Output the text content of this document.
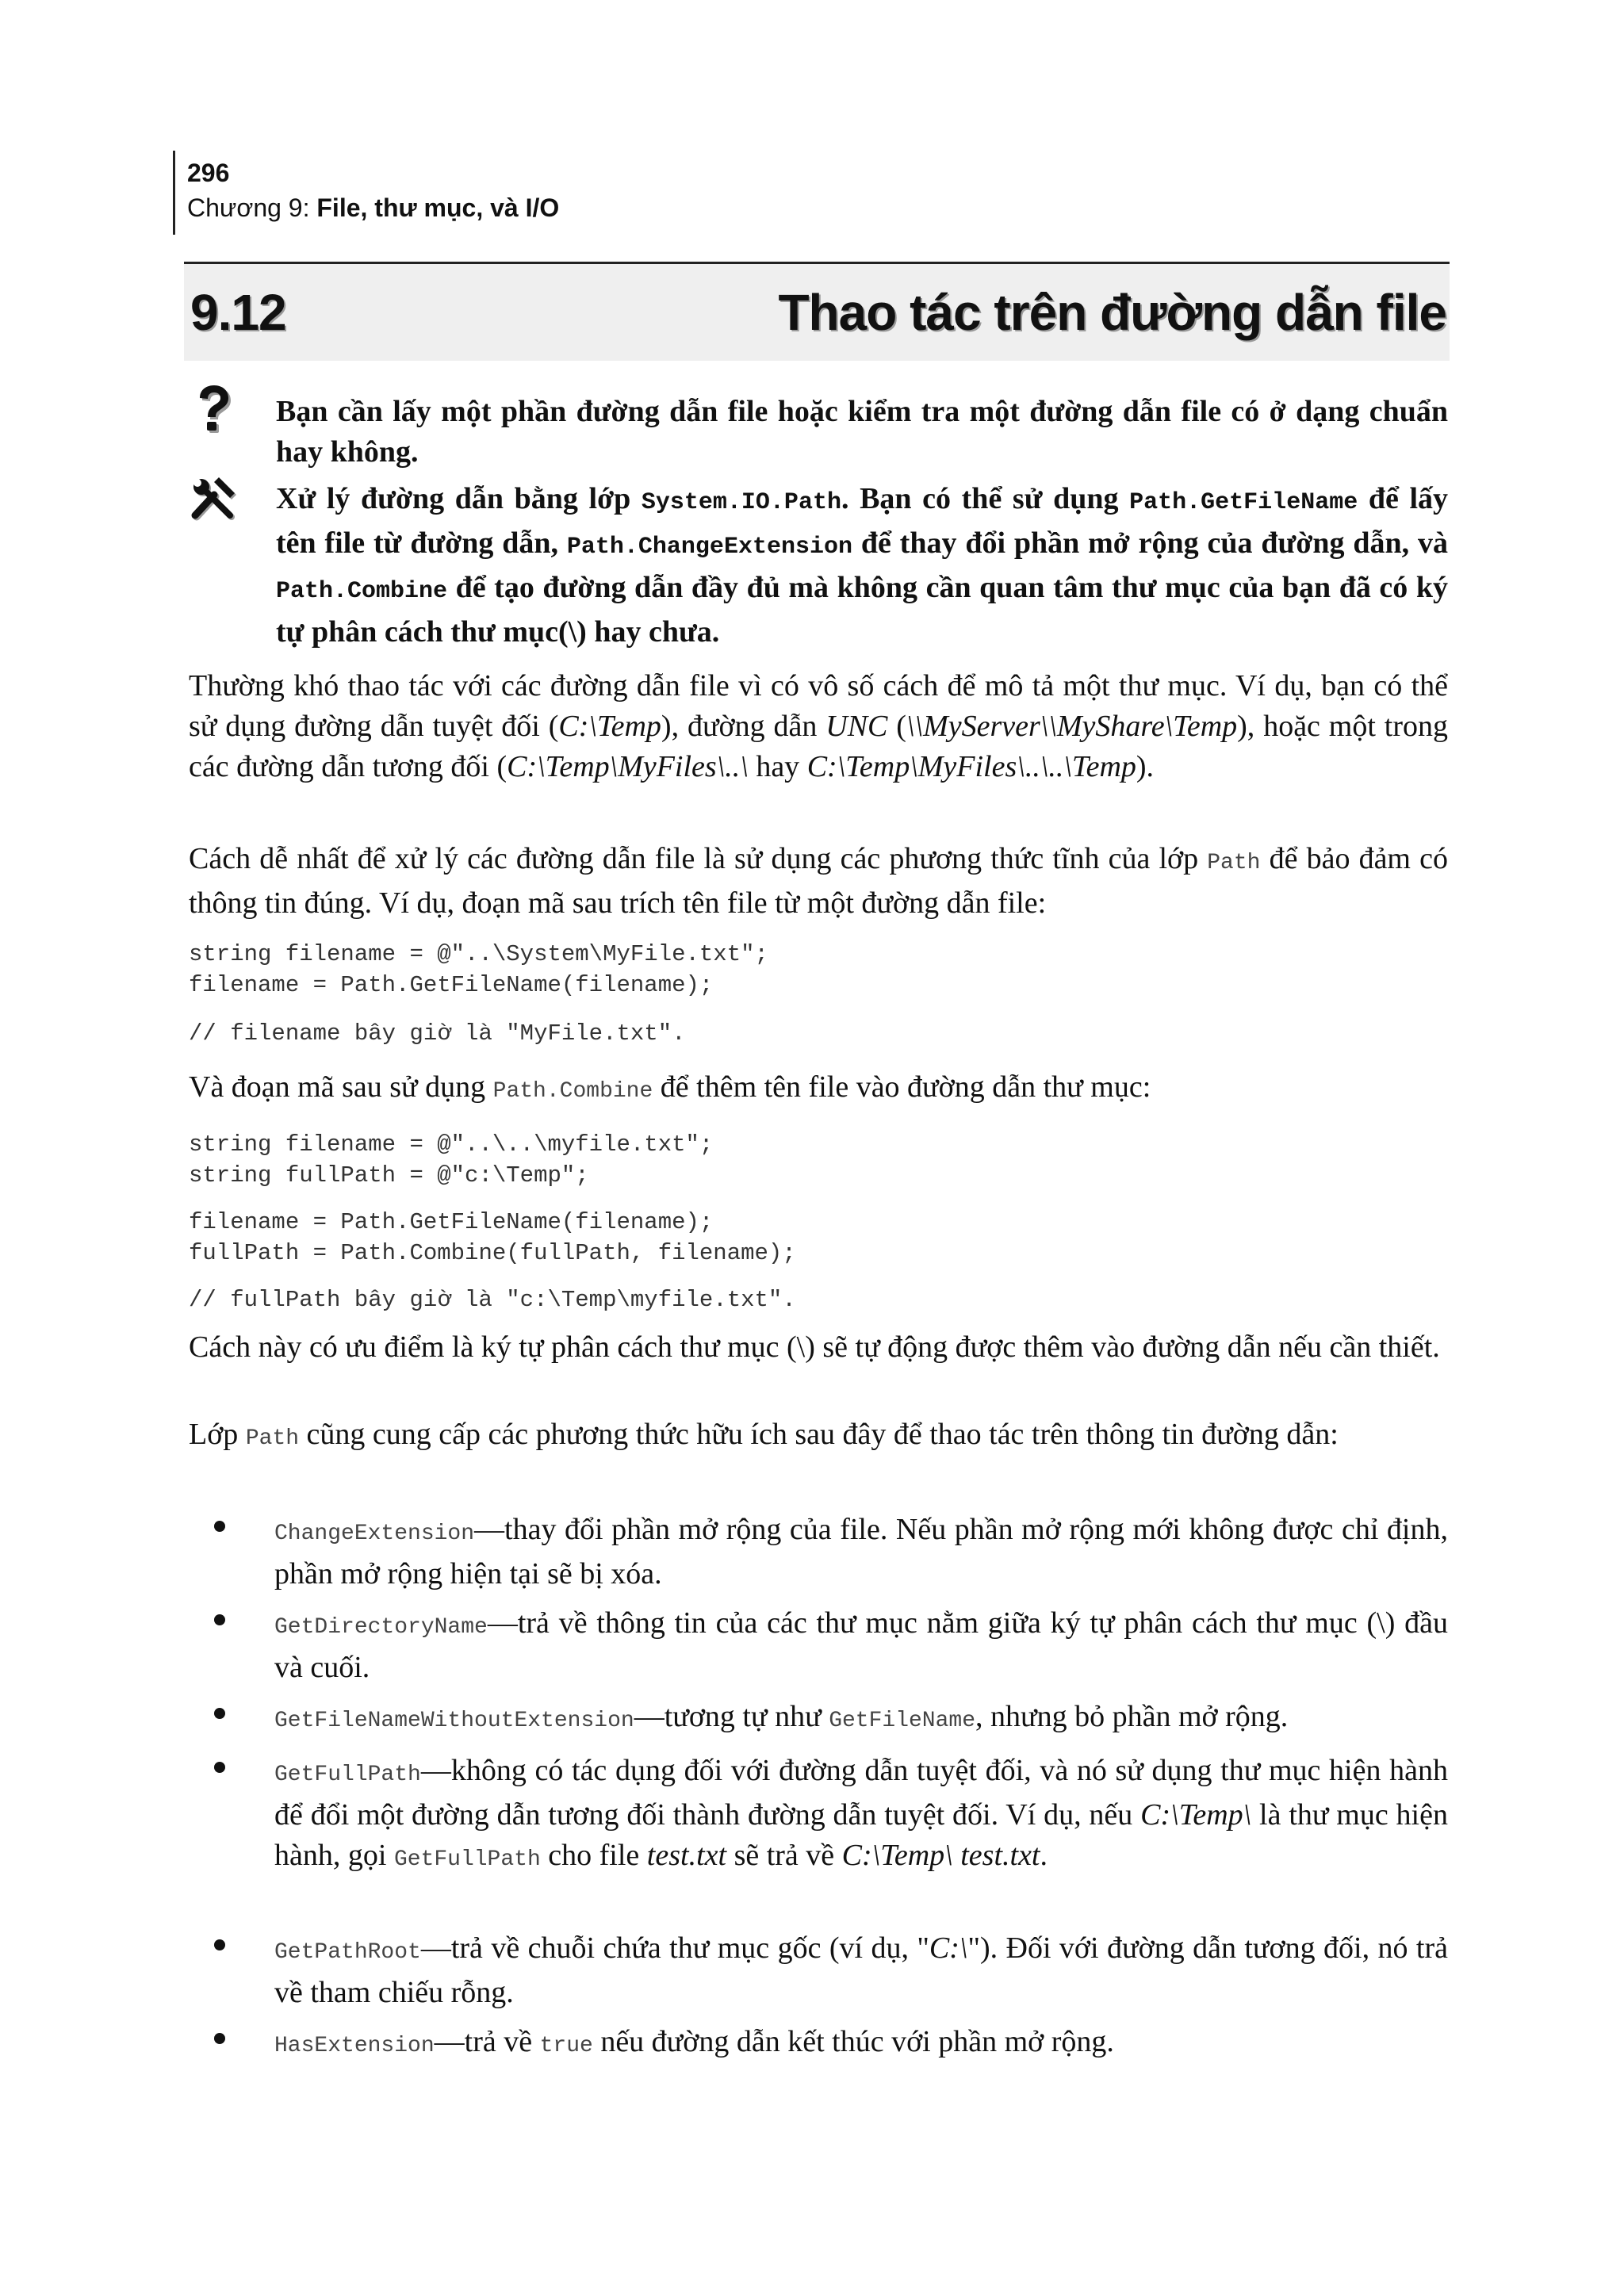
296
Chương 9: File, thư mục, và I/O
9.12	Thao tác trên đường dẫn file
Bạn cần lấy một phần đường dẫn file hoặc kiểm tra một đường dẫn file có ở dạng chuẩn hay không.
Xử lý đường dẫn bằng lớp System.IO.Path. Bạn có thể sử dụng Path.GetFileName để lấy tên file từ đường dẫn, Path.ChangeExtension để thay đổi phần mở rộng của đường dẫn, và Path.Combine để tạo đường dẫn đầy đủ mà không cần quan tâm thư mục của bạn đã có ký tự phân cách thư mục(\) hay chưa.
Thường khó thao tác với các đường dẫn file vì có vô số cách để mô tả một thư mục. Ví dụ, bạn có thể sử dụng đường dẫn tuyệt đối (C:\Temp), đường dẫn UNC (\\MyServer\\MyShare\Temp), hoặc một trong các đường dẫn tương đối (C:\Temp\MyFiles\..\ hay C:\Temp\MyFiles\..\..\Temp).
Cách dễ nhất để xử lý các đường dẫn file là sử dụng các phương thức tĩnh của lớp Path để bảo đảm có thông tin đúng. Ví dụ, đoạn mã sau trích tên file từ một đường dẫn file:
string filename = @"..\System\MyFile.txt";
filename = Path.GetFileName(filename);
// filename bây giờ là "MyFile.txt".
Và đoạn mã sau sử dụng Path.Combine để thêm tên file vào đường dẫn thư mục:
string filename = @"..\..\myfile.txt";
string fullPath = @"c:\Temp";
filename = Path.GetFileName(filename);
fullPath = Path.Combine(fullPath, filename);
// fullPath bây giờ là "c:\Temp\myfile.txt".
Cách này có ưu điểm là ký tự phân cách thư mục (\) sẽ tự động được thêm vào đường dẫn nếu cần thiết.
Lớp Path cũng cung cấp các phương thức hữu ích sau đây để thao tác trên thông tin đường dẫn:
ChangeExtension—thay đổi phần mở rộng của file. Nếu phần mở rộng mới không được chỉ định, phần mở rộng hiện tại sẽ bị xóa.
GetDirectoryName—trả về thông tin của các thư mục nằm giữa ký tự phân cách thư mục (\) đầu và cuối.
GetFileNameWithoutExtension—tương tự như GetFileName, nhưng bỏ phần mở rộng.
GetFullPath—không có tác dụng đối với đường dẫn tuyệt đối, và nó sử dụng thư mục hiện hành để đổi một đường dẫn tương đối thành đường dẫn tuyệt đối. Ví dụ, nếu C:\Temp\ là thư mục hiện hành, gọi GetFullPath cho file test.txt sẽ trả về C:\Temp\ test.txt.
GetPathRoot—trả về chuỗi chứa thư mục gốc (ví dụ, "C:\"). Đối với đường dẫn tương đối, nó trả về tham chiếu rỗng.
HasExtension—trả về true nếu đường dẫn kết thúc với phần mở rộng.
